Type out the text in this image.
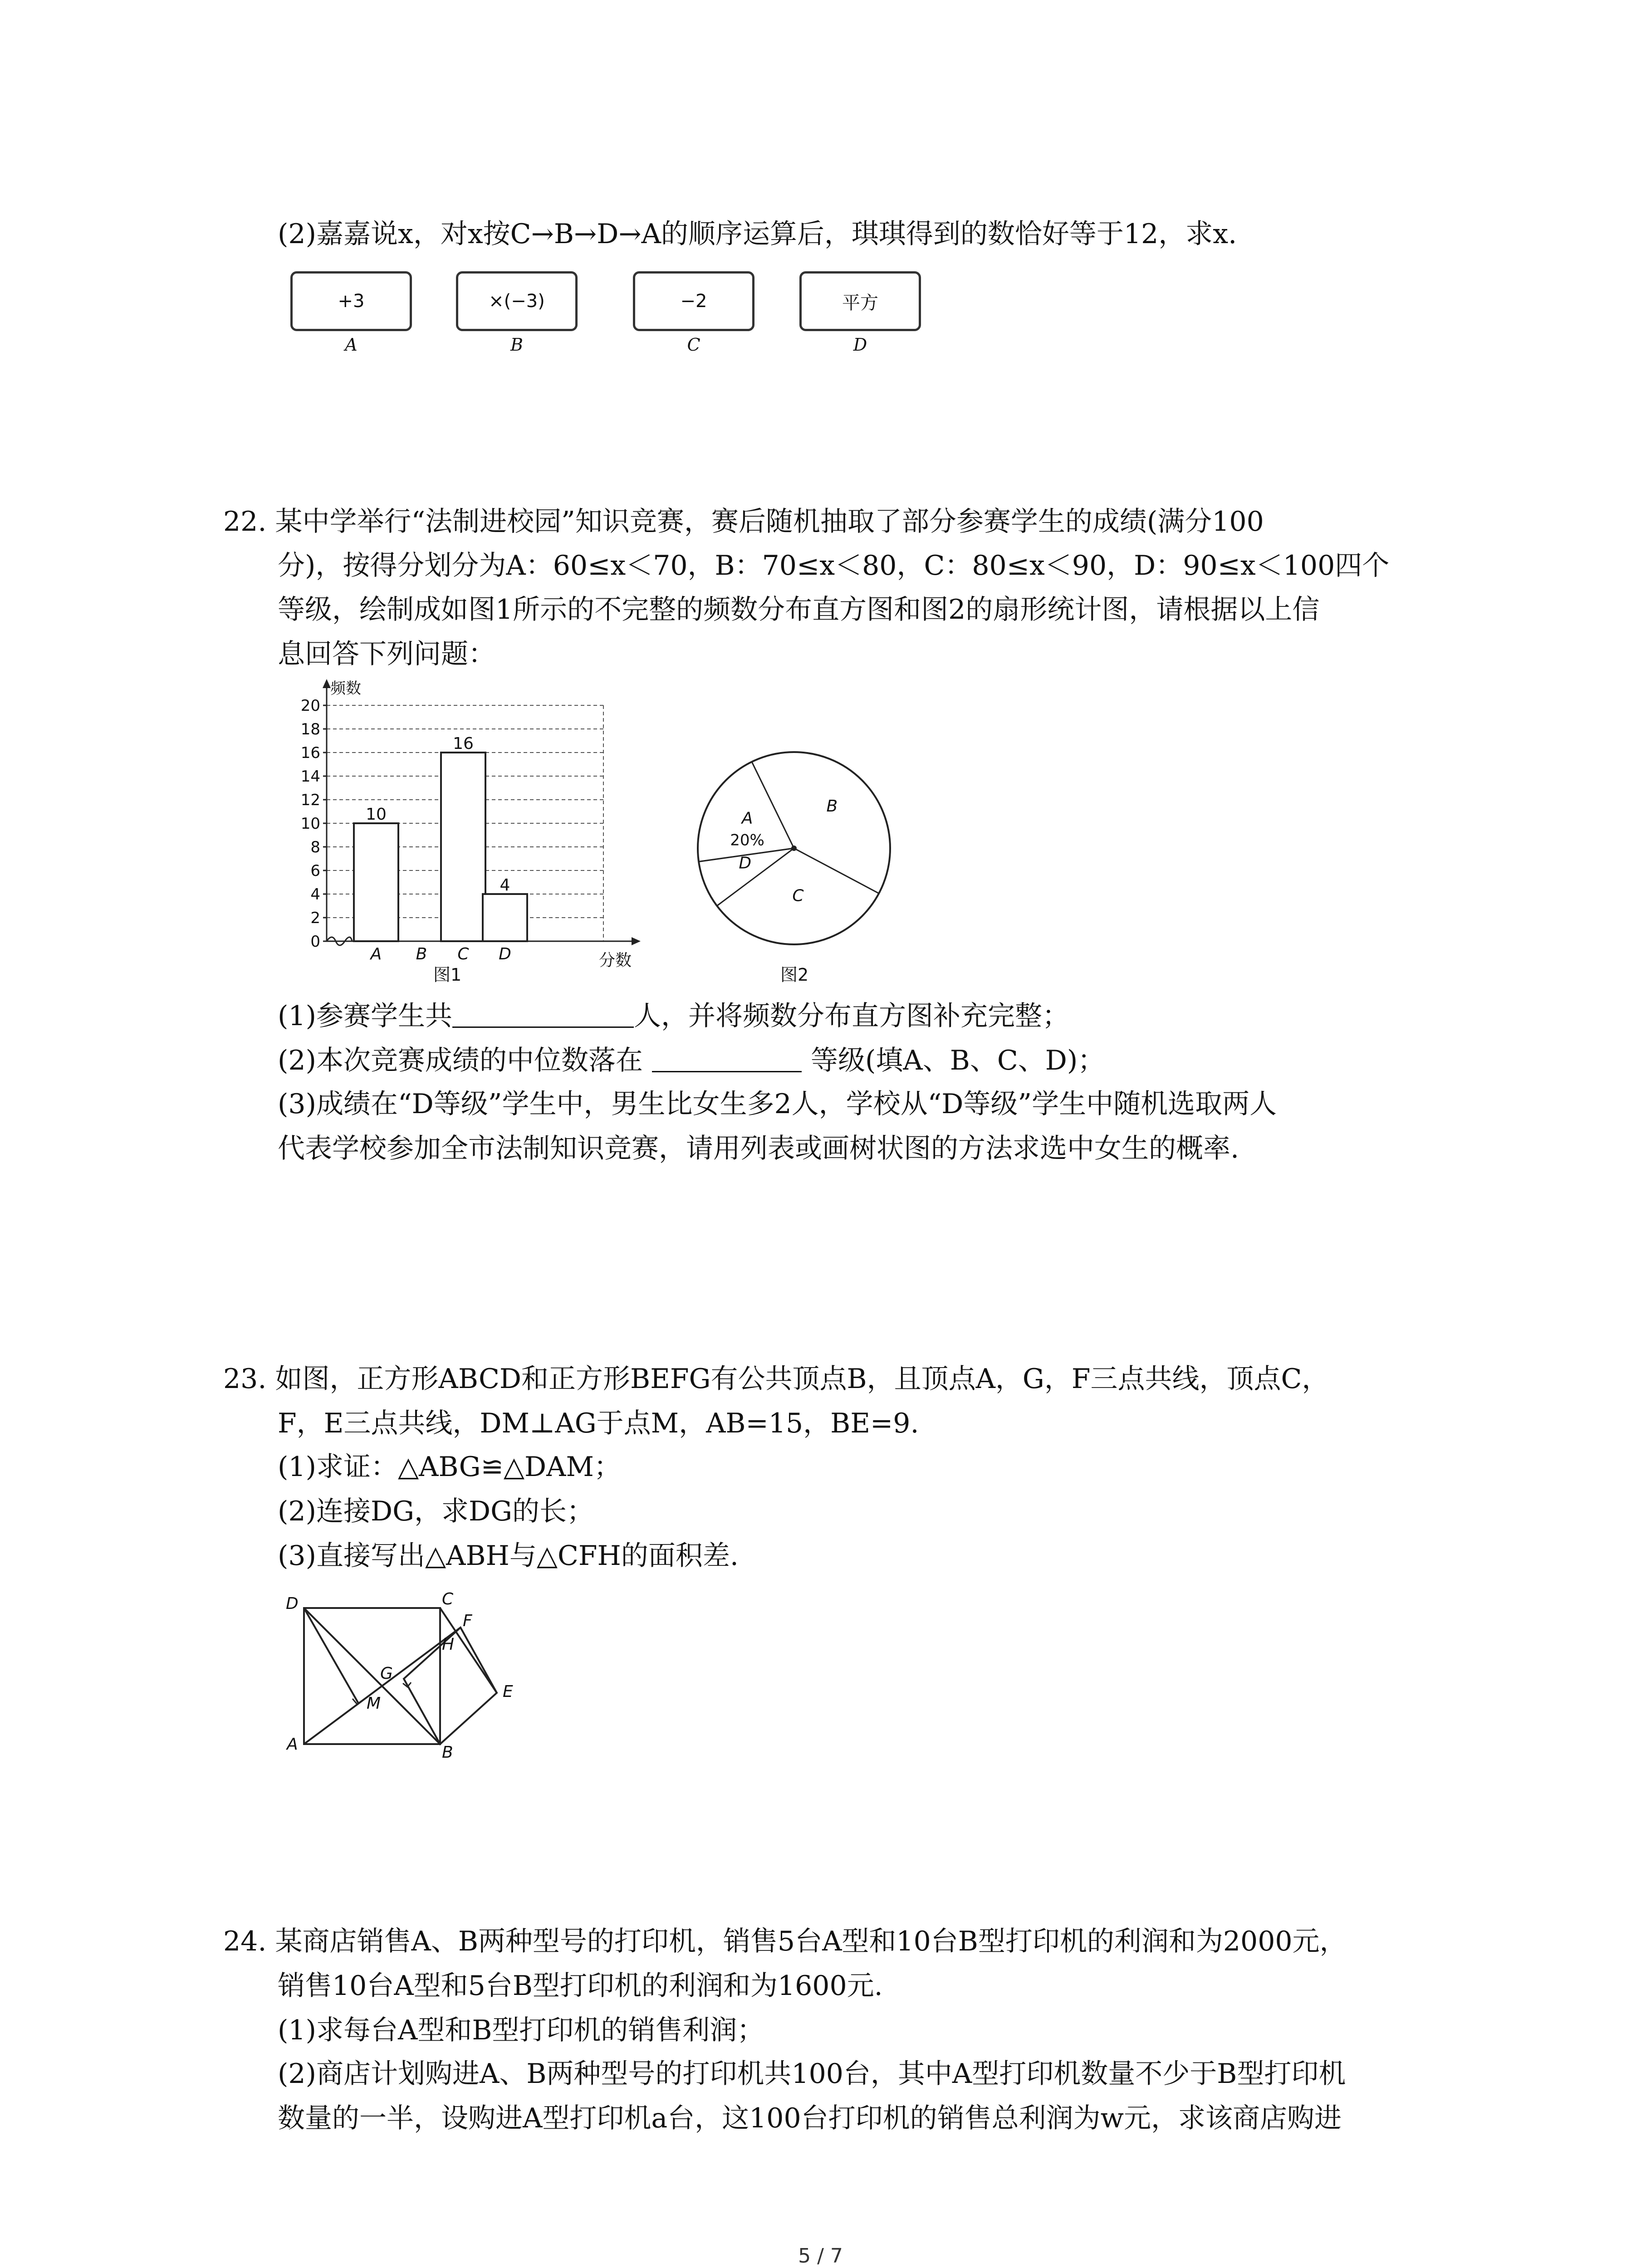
(2)嘉嘉说x，对x按C→B→D→A的顺序运算后，琪琪得到的数恰好等于12，求x.
+3	×(−3)	−2	平方
A	B	C	D
22. 某中学举行“法制进校园”知识竞赛，赛后随机抽取了部分参赛学生的成绩(满分100
分)，按得分划分为A：60≤x＜70，B：70≤x＜80，C：80≤x＜90，D：90≤x＜100四个
等级，绘制成如图1所示的不完整的频数分布直方图和图2的扇形统计图，请根据以上信
息回答下列问题：
0
2
4
6
8
10
12
14
16
18
20
频数
分数
10
A B
16
C
4
D
图1
A
20%
B
C
D
图2
(1)参赛学生共	人，并将频数分布直方图补充完整；
(2)本次竞赛成绩的中位数落在	等级(填A、B、C、D)；
(3)成绩在“D等级”学生中，男生比女生多2人，学校从“D等级”学生中随机选取两人
代表学校参加全市法制知识竞赛，请用列表或画树状图的方法求选中女生的概率.
23. 如图，正方形ABCD和正方形BEFG有公共顶点B，且顶点A，G，F三点共线，顶点C，
F，E三点共线，DM⊥AG于点M，AB=15，BE=9.
(1)求证：△ABG≌△DAM；
(2)连接DG，求DG的长；
(3)直接写出△ABH与△CFH的面积差.
D	C
F
H
G
M
E
A	B
24. 某商店销售A、B两种型号的打印机，销售5台A型和10台B型打印机的利润和为2000元，
销售10台A型和5台B型打印机的利润和为1600元.
(1)求每台A型和B型打印机的销售利润；
(2)商店计划购进A、B两种型号的打印机共100台，其中A型打印机数量不少于B型打印机
数量的一半，设购进A型打印机a台，这100台打印机的销售总利润为w元，求该商店购进
5 / 7
